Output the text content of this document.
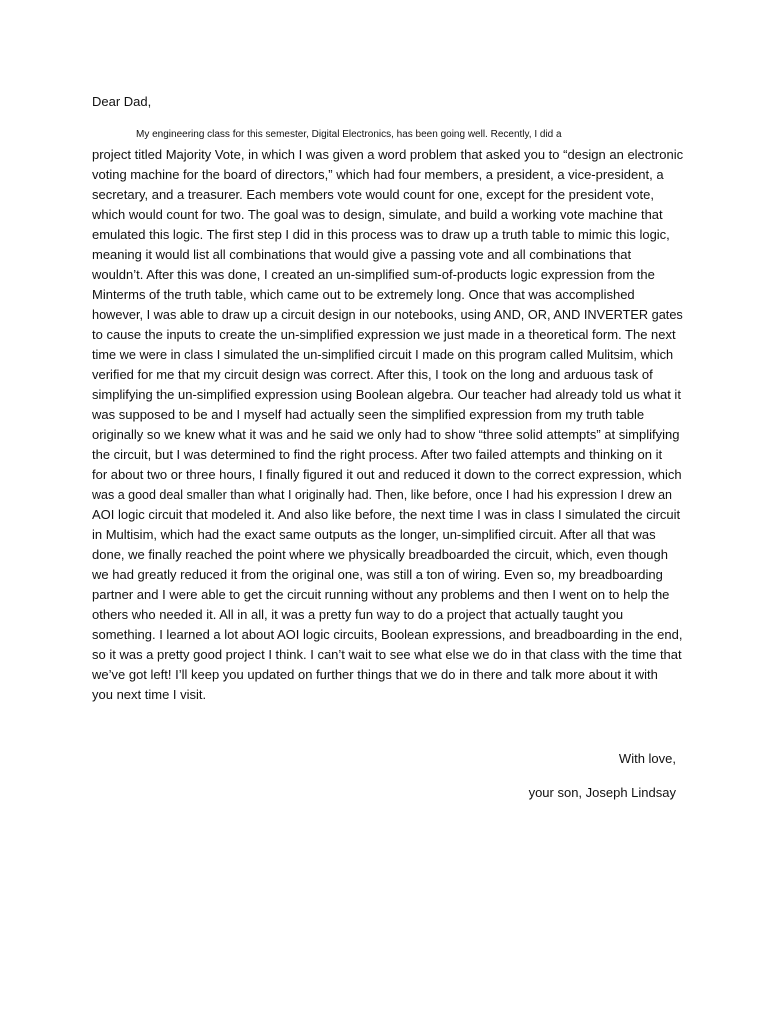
Dear Dad,

My engineering class for this semester, Digital Electronics, has been going well. Recently, I did a
project titled Majority Vote, in which I was given a word problem that asked you to “design an electronic
voting machine for the board of directors,” which had four members, a president, a vice-president, a
secretary, and a treasurer. Each members vote would count for one, except for the president vote,
which would count for two. The goal was to design, simulate, and build a working vote machine that
emulated this logic. The first step I did in this process was to draw up a truth table to mimic this logic,
meaning it would list all combinations that would give a passing vote and all combinations that
wouldn’t. After this was done, I created an un-simplified sum-of-products logic expression from the
Minterms of the truth table, which came out to be extremely long. Once that was accomplished
however, I was able to draw up a circuit design in our notebooks, using AND, OR, AND INVERTER gates
to cause the inputs to create the un-simplified expression we just made in a theoretical form. The next
time we were in class I simulated the un-simplified circuit I made on this program called Mulitsim, which
verified for me that my circuit design was correct. After this, I took on the long and arduous task of
simplifying the un-simplified expression using Boolean algebra. Our teacher had already told us what it
was supposed to be and I myself had actually seen the simplified expression from my truth table
originally so we knew what it was and he said we only had to show “three solid attempts” at simplifying
the circuit, but I was determined to find the right process. After two failed attempts and thinking on it
for about two or three hours, I finally figured it out and reduced it down to the correct expression, which
was a good deal smaller than what I originally had. Then, like before, once I had his expression I drew an
AOI logic circuit that modeled it. And also like before, the next time I was in class I simulated the circuit
in Multisim, which had the exact same outputs as the longer, un-simplified circuit. After all that was
done, we finally reached the point where we physically breadboarded the circuit, which, even though
we had greatly reduced it from the original one, was still a ton of wiring. Even so, my breadboarding
partner and I were able to get the circuit running without any problems and then I went on to help the
others who needed it. All in all, it was a pretty fun way to do a project that actually taught you
something. I learned a lot about AOI logic circuits, Boolean expressions, and breadboarding in the end,
so it was a pretty good project I think. I can’t wait to see what else we do in that class with the time that
we’ve got left! I’ll keep you updated on further things that we do in there and talk more about it with
you next time I visit.

With love,

your son, Joseph Lindsay
